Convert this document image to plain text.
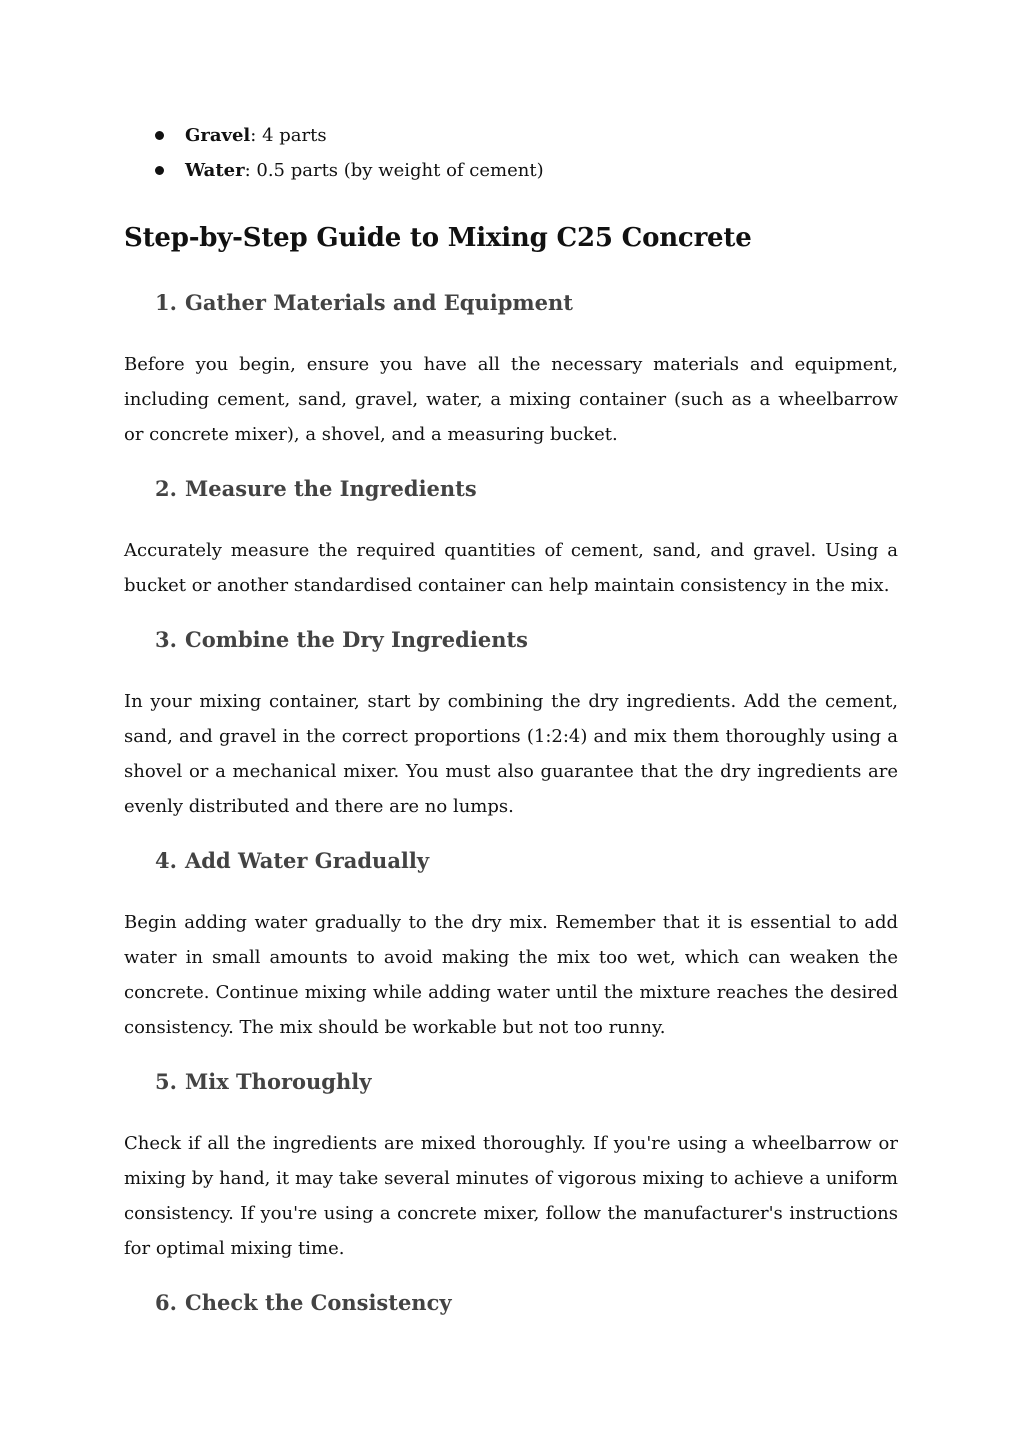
Gravel: 4 parts
Water: 0.5 parts (by weight of cement)
Step-by-Step Guide to Mixing C25 Concrete
1. Gather Materials and Equipment

Before you begin, ensure you have all the necessary materials and equipment, including cement, sand, gravel, water, a mixing container (such as a wheelbarrow or concrete mixer), a shovel, and a measuring bucket.

2. Measure the Ingredients

Accurately measure the required quantities of cement, sand, and gravel. Using a bucket or another standardised container can help maintain consistency in the mix.

3. Combine the Dry Ingredients

In your mixing container, start by combining the dry ingredients. Add the cement, sand, and gravel in the correct proportions (1:2:4) and mix them thoroughly using a shovel or a mechanical mixer. You must also guarantee that the dry ingredients are evenly distributed and there are no lumps.

4. Add Water Gradually

Begin adding water gradually to the dry mix. Remember that it is essential to add water in small amounts to avoid making the mix too wet, which can weaken the concrete. Continue mixing while adding water until the mixture reaches the desired consistency. The mix should be workable but not too runny.

5. Mix Thoroughly

Check if all the ingredients are mixed thoroughly. If you're using a wheelbarrow or mixing by hand, it may take several minutes of vigorous mixing to achieve a uniform consistency. If you're using a concrete mixer, follow the manufacturer's instructions for optimal mixing time.

6. Check the Consistency
